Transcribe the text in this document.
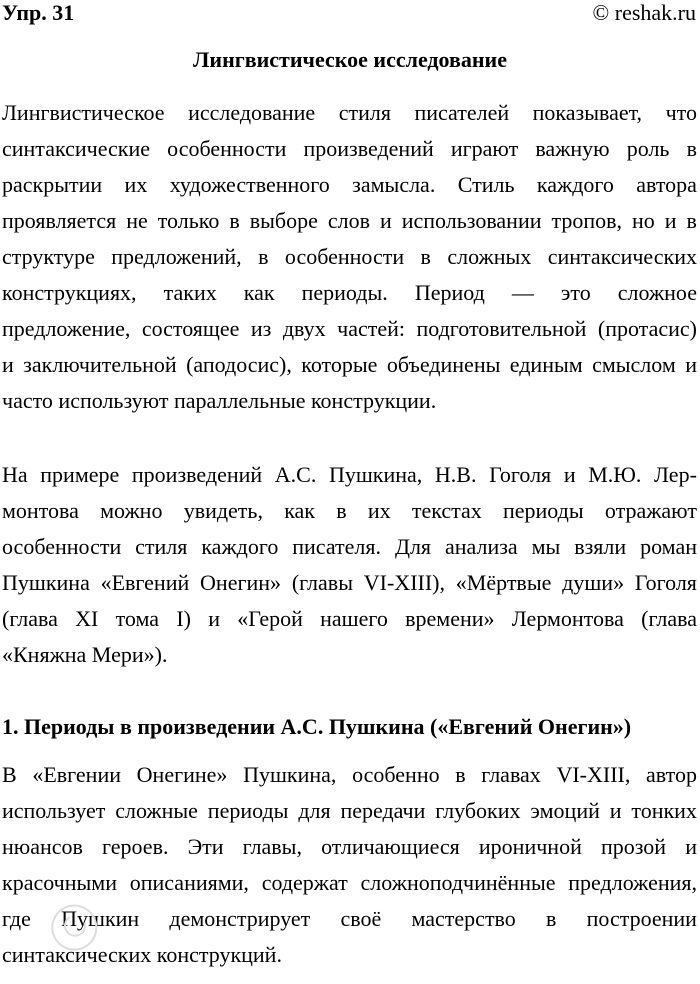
Упр. 31	© reshak.ru
Лингвистическое исследование
Лингвистическое исследование стиля писателей показывает, что
синтаксические особенности произведений играют важную роль в
раскрытии их художественного замысла. Стиль каждого автора
проявляется не только в выборе слов и использовании тропов, но и в
структуре предложений, в особенности в сложных синтаксических
конструкциях, таких как периоды. Период — это сложное
предложение, состоящее из двух частей: подготовительной (протасис)
и заключительной (аподосис), которые объединены единым смыслом и
часто используют параллельные конструкции.
На примере произведений А.С. Пушкина, Н.В. Гоголя и М.Ю. Лер-
монтова можно увидеть, как в их текстах периоды отражают
особенности стиля каждого писателя. Для анализа мы взяли роман
Пушкина «Евгений Онегин» (главы VI-XIII), «Мёртвые души» Гоголя
(глава XI тома I) и «Герой нашего времени» Лермонтова (глава
«Княжна Мери»).
1. Периоды в произведении А.С. Пушкина («Евгений Онегин»)
В «Евгении Онегине» Пушкина, особенно в главах VI-XIII, автор
использует сложные периоды для передачи глубоких эмоций и тонких
нюансов героев. Эти главы, отличающиеся ироничной прозой и
красочными описаниями, содержат сложноподчинённые предложения,
где Пушкин демонстрирует своё мастерство в построении
синтаксических конструкций.
